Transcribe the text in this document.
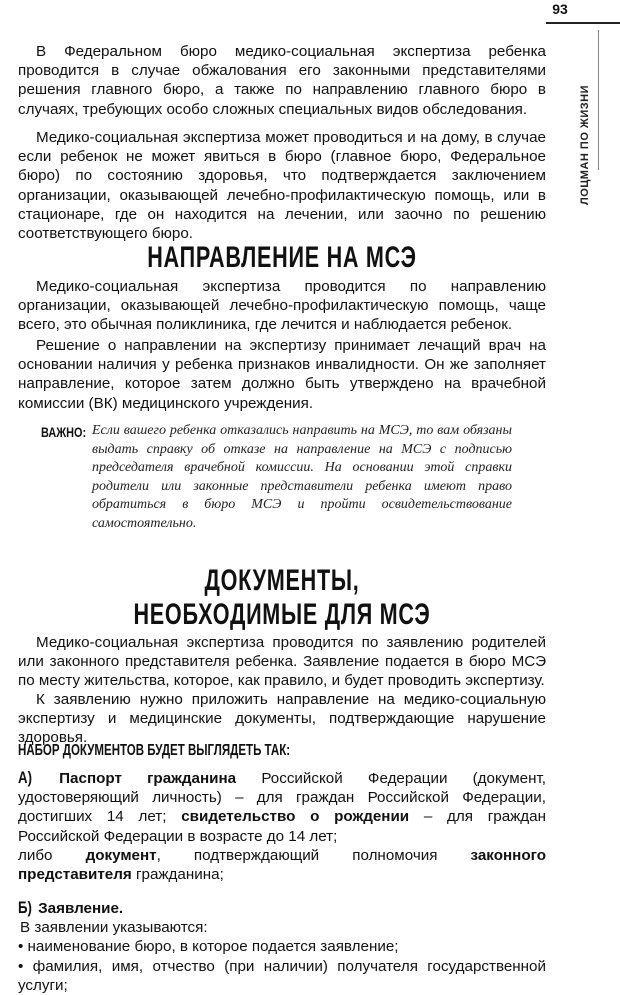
93
ЛОЦМАН ПО ЖИЗНИ

В Федеральном бюро медико-социальная экспертиза ребенка проводится в случае обжалования его законными представителями решения главного бюро, а также по направлению главного бюро в случаях, требующих особо сложных специальных видов обследования.

Медико-социальная экспертиза может проводиться и на дому, в случае если ребенок не может явиться в бюро (главное бюро, Федеральное бюро) по состоянию здоровья, что подтверждается заключением организации, оказывающей лечебно-профилактическую помощь, или в стационаре, где он находится на лечении, или заочно по решению соответствующего бюро.

НАПРАВЛЕНИЕ НА МСЭ

Медико-социальная экспертиза проводится по направлению организации, оказывающей лечебно-профилактическую помощь, чаще всего, это обычная поликлиника, где лечится и наблюдается ребенок.

Решение о направлении на экспертизу принимает лечащий врач на основании наличия у ребенка признаков инвалидности. Он же заполняет направление, которое затем должно быть утверждено на врачебной комиссии (ВК) медицинского учреждения.

ВАЖНО: Если вашего ребенка отказались направить на МСЭ, то вам обязаны выдать справку об отказе на направление на МСЭ с подписью председателя врачебной комиссии. На основании этой справки родители или законные представители ребенка имеют право обратиться в бюро МСЭ и пройти освидетельствование самостоятельно.

ДОКУМЕНТЫ,
НЕОБХОДИМЫЕ ДЛЯ МСЭ

Медико-социальная экспертиза проводится по заявлению родителей или законного представителя ребенка. Заявление подается в бюро МСЭ по месту жительства, которое, как правило, и будет проводить экспертизу.

К заявлению нужно приложить направление на медико-социальную экспертизу и медицинские документы, подтверждающие нарушение здоровья.

НАБОР ДОКУМЕНТОВ БУДЕТ ВЫГЛЯДЕТЬ ТАК:

А) Паспорт гражданина Российской Федерации (документ, удостоверяющий личность) – для граждан Российской Федерации, достигших 14 лет; свидетельство о рождении – для граждан Российской Федерации в возрасте до 14 лет;
либо документ, подтверждающий полномочия законного представителя гражданина;

Б) Заявление.
В заявлении указываются:
• наименование бюро, в которое подается заявление;
• фамилия, имя, отчество (при наличии) получателя государственной услуги;
